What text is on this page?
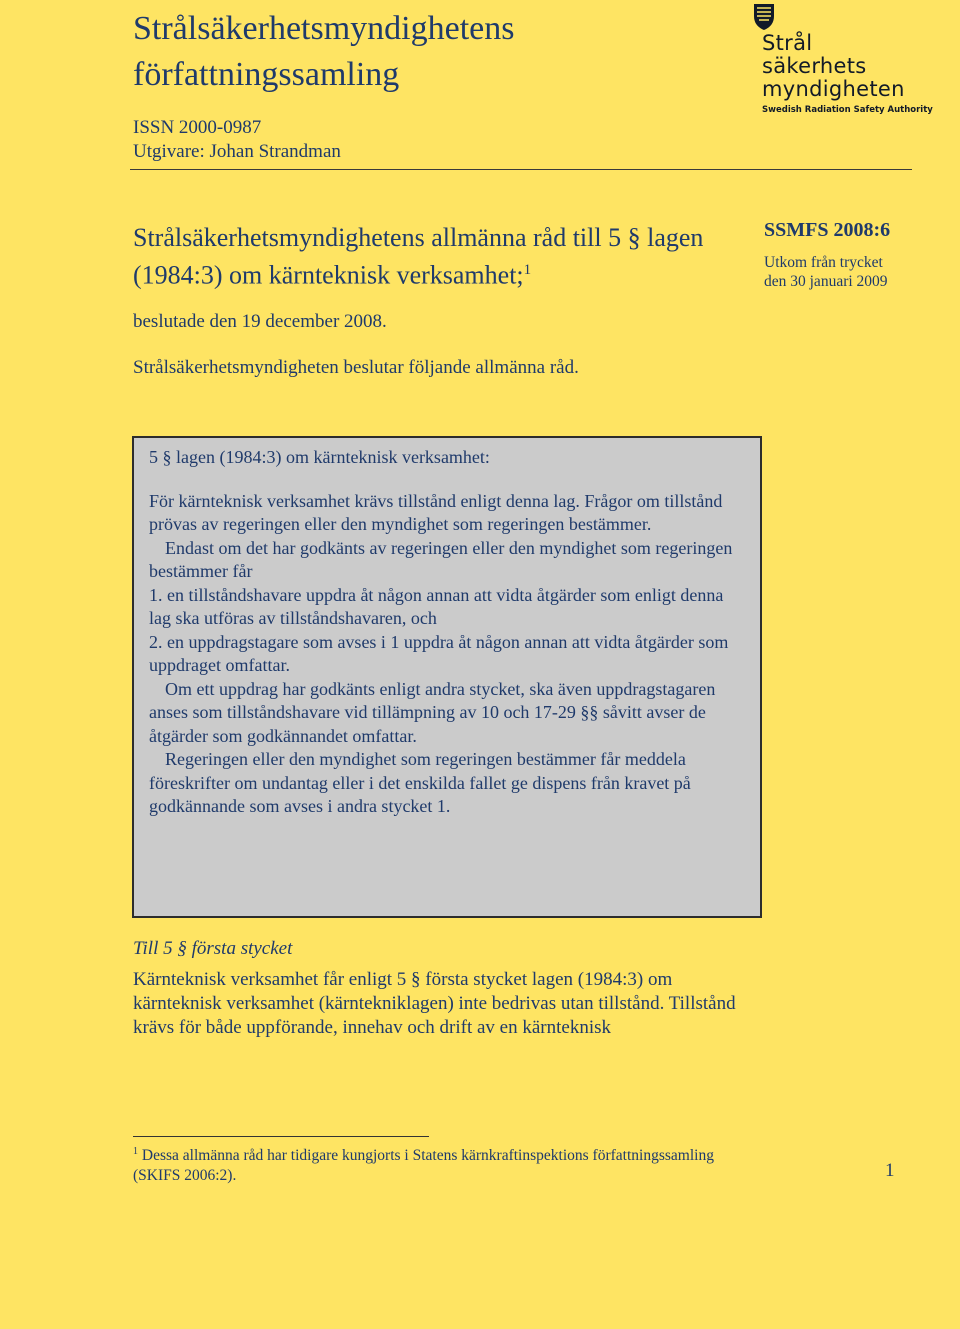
Strålsäkerhetsmyndighetens författningssamling
ISSN 2000-0987
Utgivare: Johan Strandman
Strål
säkerhets
myndigheten
Swedish Radiation Safety Authority
Strålsäkerhetsmyndighetens allmänna råd till 5 § lagen (1984:3) om kärnteknisk verksamhet;$^1$
SSMFS 2008:6
Utkom från trycket
den 30 januari 2009
beslutade den 19 december 2008.
Strålsäkerhetsmyndigheten beslutar följande allmänna råd.

5 § lagen (1984:3) om kärnteknisk verksamhet:

För kärnteknisk verksamhet krävs tillstånd enligt denna lag. Frågor om tillstånd prövas av regeringen eller den myndighet som regeringen bestämmer.

Endast om det har godkänts av regeringen eller den myndighet som regeringen bestämmer får

1. en tillståndshavare uppdra åt någon annan att vidta åtgärder som enligt denna lag ska utföras av tillståndshavaren, och

2. en uppdragstagare som avses i 1 uppdra åt någon annan att vidta åtgärder som uppdraget omfattar.

Om ett uppdrag har godkänts enligt andra stycket, ska även uppdragstagaren anses som tillståndshavare vid tillämpning av 10 och 17-29 §§ såvitt avser de åtgärder som godkännandet omfattar.

Regeringen eller den myndighet som regeringen bestämmer får meddela föreskrifter om undantag eller i det enskilda fallet ge dispens från kravet på godkännande som avses i andra stycket 1.

Till 5 § första stycket
Kärnteknisk verksamhet får enligt 5 § första stycket lagen (1984:3) om kärnteknisk verksamhet (kärntekniklagen) inte bedrivas utan tillstånd. Tillstånd krävs för både uppförande, innehav och drift av en kärnteknisk
$^1$ Dessa allmänna råd har tidigare kungjorts i Statens kärnkraftinspektions författningssamling (SKIFS 2006:2).	1
